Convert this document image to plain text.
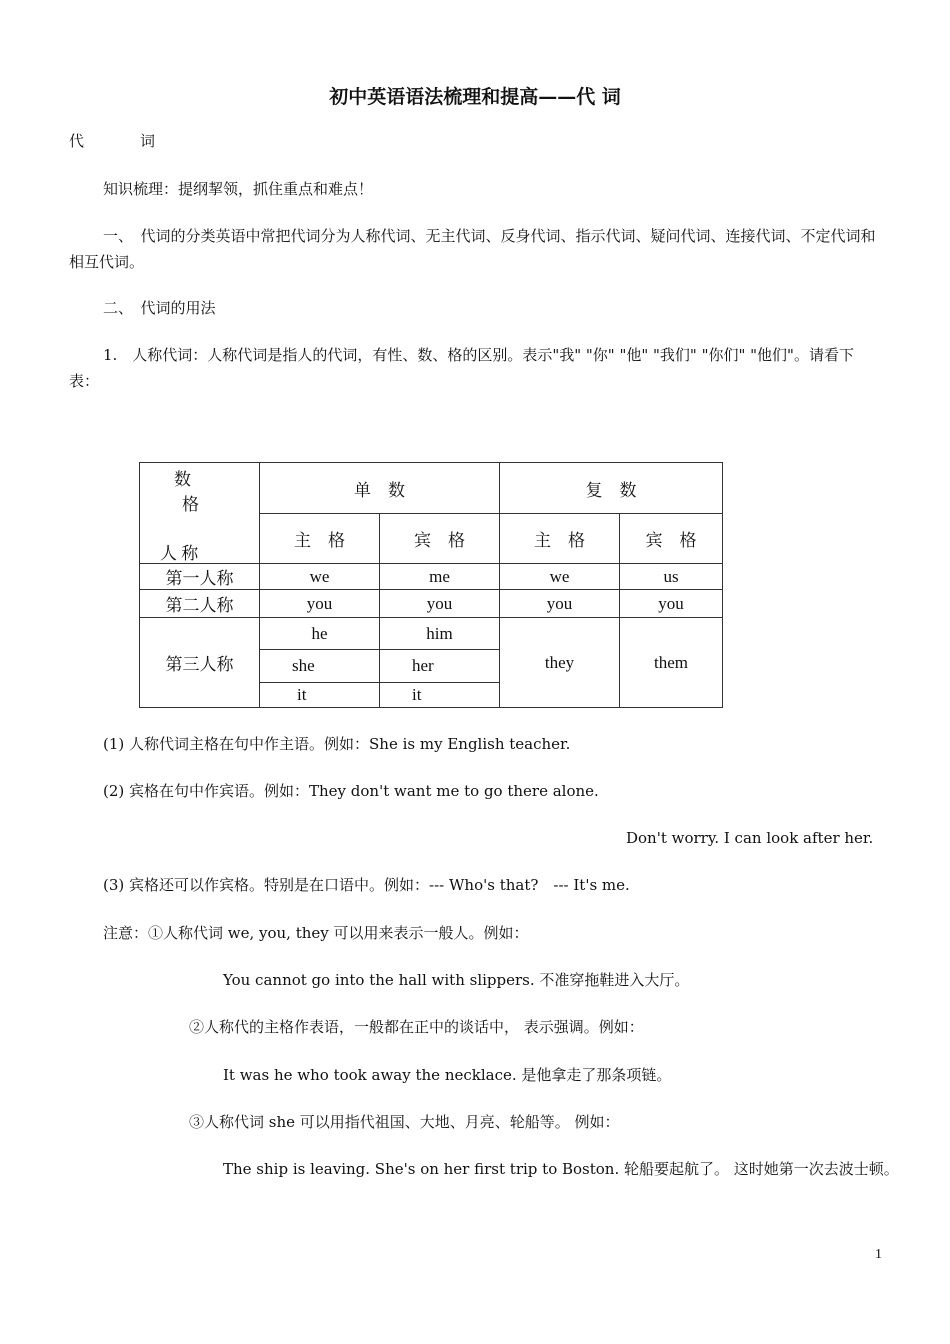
初中英语语法梳理和提高——代 词
代	词
知识梳理：提纲挈领，抓住重点和难点！
一、　代词的分类英语中常把代词分为人称代词、无主代词、反身代词、指示代词、疑问代词、连接代词、不定代词和相互代词。
二、　代词的用法
1.　人称代词：人称代词是指人的代词，有性、数、格的区别。表示"我" "你" "他" "我们" "你们" "他们"。请看下表：
数
格
人 称	单　数		复　数	
	主　格	宾　格	主　格	宾　格
第一人称	we	me	we	us
第二人称	you	you	you	you
第三人称	he	him	they	them
	she	her		
	it	it		
(1) 人称代词主格在句中作主语。例如：She is my English teacher.
(2) 宾格在句中作宾语。例如：They don't want me to go there alone.
Don't worry. I can look after her.
(3) 宾格还可以作宾格。特别是在口语中。例如：--- Who's that?　--- It's me.
注意：①人称代词 we, you, they 可以用来表示一般人。例如：
You cannot go into the hall with slippers. 不准穿拖鞋进入大厅。
②人称代的主格作表语，一般都在正中的谈话中， 表示强调。例如：
It was he who took away the necklace. 是他拿走了那条项链。
③人称代词 she 可以用指代祖国、大地、月亮、轮船等。 例如：
The ship is leaving. She's on her first trip to Boston. 轮船要起航了。 这时她第一次去波士顿。
1
